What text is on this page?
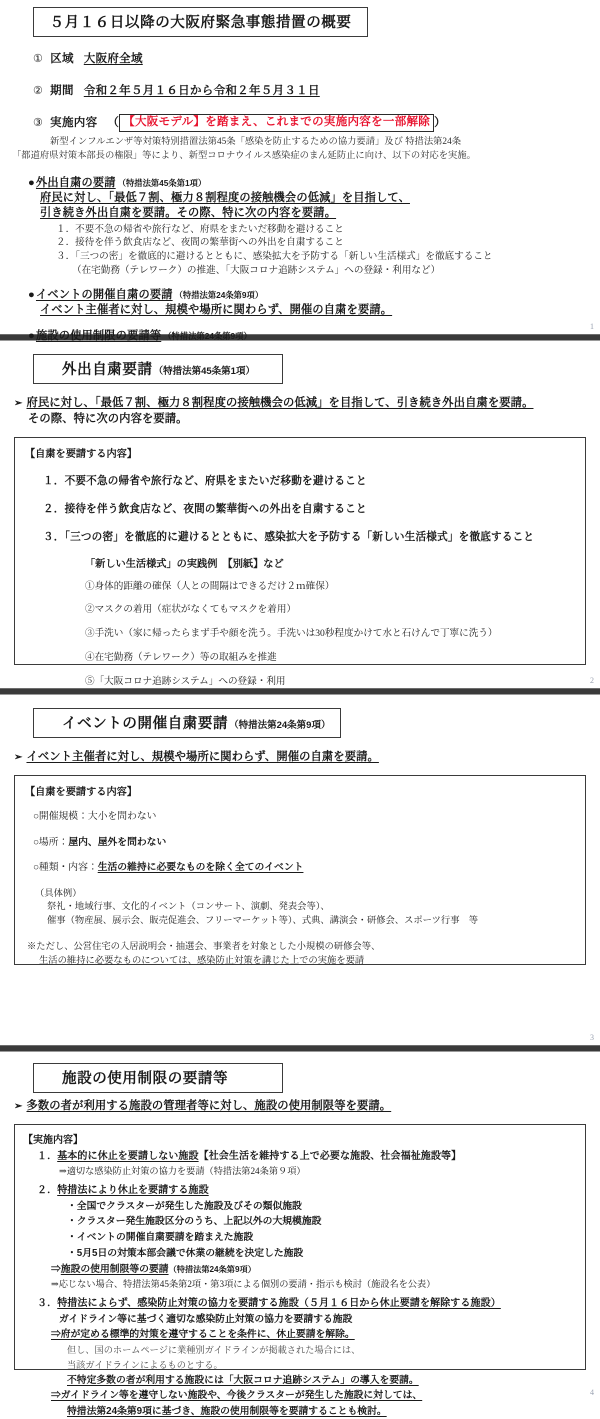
５月１６日以降の大阪府緊急事態措置の概要

① 区域 大阪府全域

② 期間 令和２年５月１６日から令和２年５月３１日

③ 実施内容 （ 【大阪モデル】を踏まえ、これまでの実施内容を一部解除 ）

新型インフルエンザ等対策特別措置法第45条「感染を防止するための協力要請」及び 特措法第24条
「都道府県対策本部長の権限」等により、新型コロナウイルス感染症のまん延防止に向け、以下の対応を実施。

●外出自粛の要請 （特措法第45条第1項）

府民に対し、「最低７割、極力８割程度の接触機会の低減」を目指して、
引き続き外出自粛を要請。その際、特に次の内容を要請。

１．不要不急の帰省や旅行など、府県をまたいだ移動を避けること
２．接待を伴う飲食店など、夜間の繁華街への外出を自粛すること
３．「三つの密」を徹底的に避けるとともに、感染拡大を予防する「新しい生活様式」を徹底すること
（在宅勤務（テレワーク）の推進、「大阪コロナ追跡システム」への登録・利用など）

●イベントの開催自粛の要請 （特措法第24条第9項）

イベント主催者に対し、規模や場所に関わらず、開催の自粛を要請。

●施設の使用制限の要請等 （特措法第24条第9項）

1
外出自粛要請（特措法第45条第1項）

➢ 府民に対し、「最低７割、極力８割程度の接触機会の低減」を目指して、引き続き外出自粛を要請。
その際、特に次の内容を要請。

【自粛を要請する内容】

１．不要不急の帰省や旅行など、府県をまたいだ移動を避けること

２．接待を伴う飲食店など、夜間の繁華街への外出を自粛すること

３．「三つの密」を徹底的に避けるとともに、感染拡大を予防する「新しい生活様式」を徹底すること

「新しい生活様式」の実践例　【別紙】など

①身体的距離の確保（人との間隔はできるだけ２ｍ確保）
②マスクの着用（症状がなくてもマスクを着用）
③手洗い（家に帰ったらまず手や顔を洗う。手洗いは30秒程度かけて水と石けんで丁寧に洗う）
④在宅勤務（テレワーク）等の取組みを推進
⑤「大阪コロナ追跡システム」への登録・利用	2
イベントの開催自粛要請（特措法第24条第9項）

➢ イベント主催者に対し、規模や場所に関わらず、開催の自粛を要請。

【自粛を要請する内容】

○開催規模：大小を問わない

○場所：屋内、屋外を問わない

○種類・内容：生活の維持に必要なものを除く全てのイベント

（具体例）
祭礼・地域行事、文化的イベント（コンサート、演劇、発表会等）、
催事（物産展、展示会、販売促進会、フリーマーケット等）、式典、講演会・研修会、スポーツ行事　等
※ただし、公営住宅の入居説明会・抽選会、事業者を対象とした小規模の研修会等、
生活の維持に必要なものについては、感染防止対策を講じた上での実施を要請
3
施設の使用制限の要請等

➢ 多数の者が利用する施設の管理者等に対し、施設の使用制限等を要請。

【実施内容】

１．基本的に休止を要請しない施設【社会生活を維持する上で必要な施設、社会福祉施設等】

⇒適切な感染防止対策の協力を要請（特措法第24条第９項）

２．特措法により休止を要請する施設

・全国でクラスターが発生した施設及びその類似施設

・クラスター発生施設区分のうち、上記以外の大規模施設

・イベントの開催自粛要請を踏まえた施設

・5月5日の対策本部会議で休業の継続を決定した施設

⇒施設の使用制限等の要請（特措法第24条第9項）

⇒応じない場合、特措法第45条第2項・第3項による個別の要請・指示も検討（施設名を公表）

３．特措法によらず、感染防止対策の協力を要請する施設（５月１６日から休止要請を解除する施設）

ガイドライン等に基づく適切な感染防止対策の協力を要請する施設

⇒府が定める標準的対策を遵守することを条件に、休止要請を解除。

但し、国のホームページに業種別ガイドラインが掲載された場合には、

当該ガイドラインによるものとする。

不特定多数の者が利用する施設には「大阪コロナ追跡システム」の導入を要請。

⇒ガイドライン等を遵守しない施設や、今後クラスターが発生した施設に対しては、

特措法第24条第9項に基づき、施設の使用制限等を要請することも検討。

4
